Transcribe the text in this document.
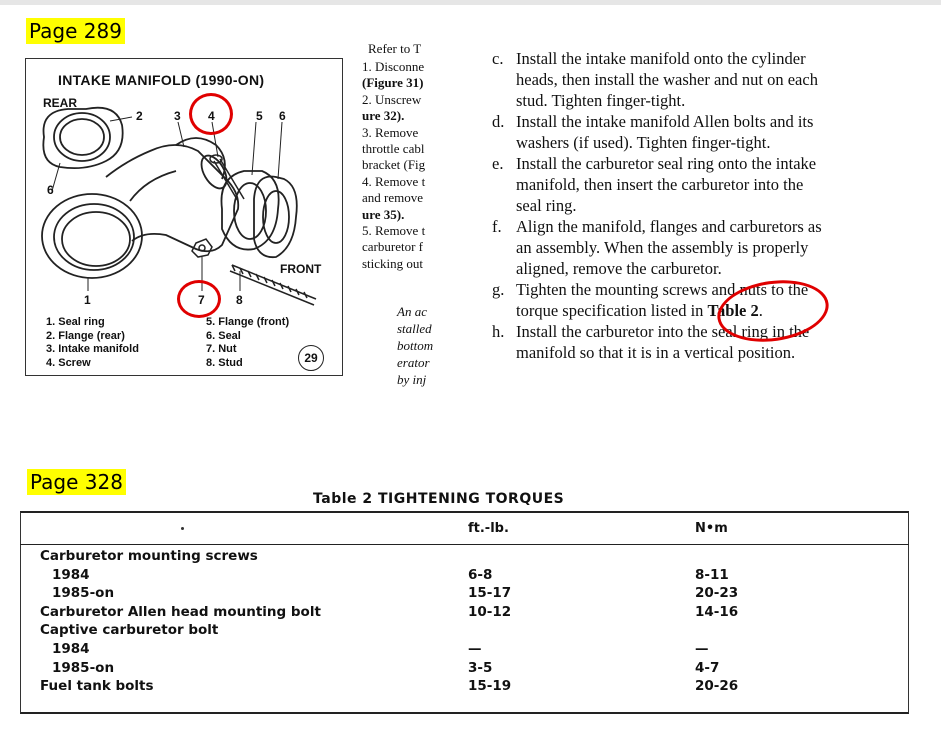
Page 289
INTAKE MANIFOLD (1990-ON)
REAR
FRONT
2	3 4	5 6
6
1	7	8
1. Seal ring
2. Flange (rear)
3. Intake manifold
4. Screw
5. Flange (front)
6. Seal
7. Nut
8. Stud	29
Refer to T
1. Disconne
(Figure 31)
2. Unscrew
ure 32).
3. Remove
throttle cabl
bracket (Fig
4. Remove t
and remove
ure 35).
5. Remove t
carburetor f
sticking out
An ac
stalled
bottom
erator
by inj
c. Install the intake manifold onto the cylinder
heads, then install the washer and nut on each
stud. Tighten finger-tight.
d. Install the intake manifold Allen bolts and its
washers (if used). Tighten finger-tight.
e. Install the carburetor seal ring onto the intake
manifold, then insert the carburetor into the
seal ring.
f. Align the manifold, flanges and carburetors as
an assembly. When the assembly is properly
aligned, remove the carburetor.
g. Tighten the mounting screws and nuts to the
torque specification listed in Table 2.
h. Install the carburetor into the seal ring in the
manifold so that it is in a vertical position.
Page 328
Table 2 TIGHTENING TORQUES
ft.-lb.	N•m
Carburetor mounting screws
1984	6-8	8-11
1985-on	15-17	20-23
Carburetor Allen head mounting bolt	10-12	14-16
Captive carburetor bolt
1984	—	—
1985-on	3-5	4-7
Fuel tank bolts	15-19	20-26
